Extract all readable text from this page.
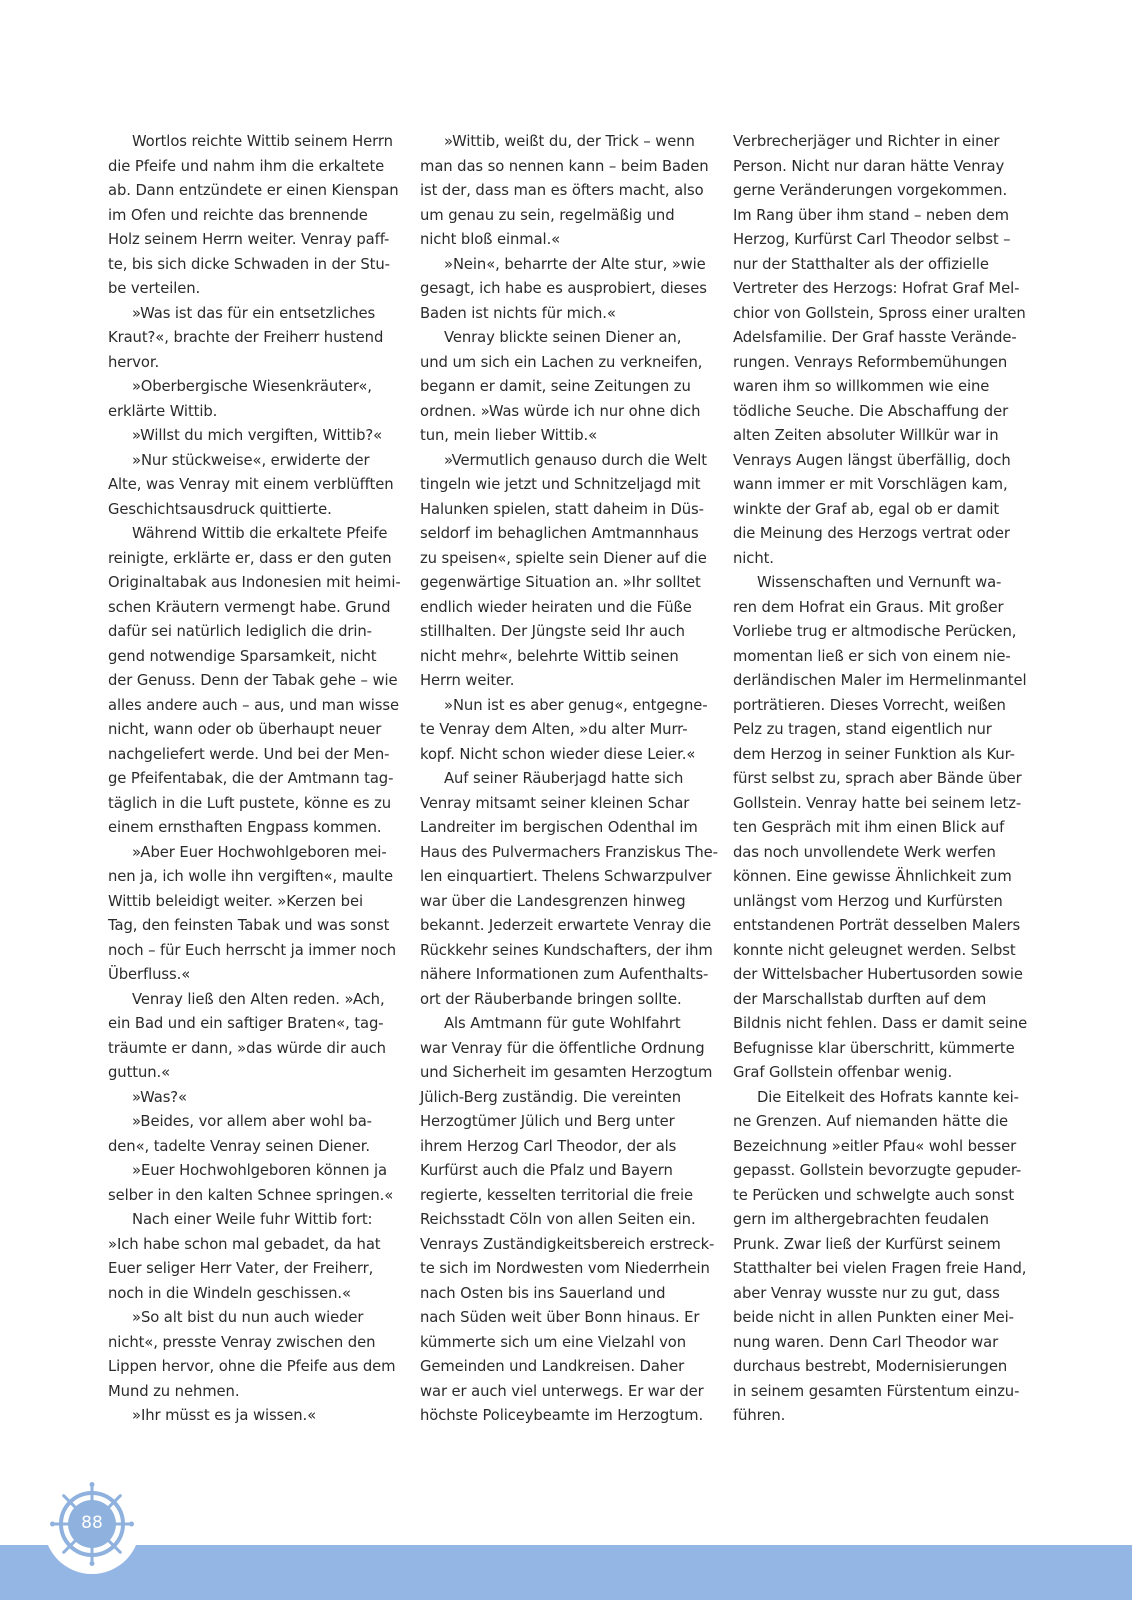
Wortlos reichte Wittib seinem Herrn
die Pfeife und nahm ihm die erkaltete
ab. Dann entzündete er einen Kienspan
im Ofen und reichte das brennende
Holz seinem Herrn weiter. Venray paff-
te, bis sich dicke Schwaden in der Stu-
be verteilen.
»Was ist das für ein entsetzliches
Kraut?«, brachte der Freiherr hustend
hervor.
»Oberbergische Wiesenkräuter«,
erklärte Wittib.
»Willst du mich vergiften, Wittib?«
»Nur stückweise«, erwiderte der
Alte, was Venray mit einem verblüfften
Geschichtsausdruck quittierte.
Während Wittib die erkaltete Pfeife
reinigte, erklärte er, dass er den guten
Originaltabak aus Indonesien mit heimi-
schen Kräutern vermengt habe. Grund
dafür sei natürlich lediglich die drin-
gend notwendige Sparsamkeit, nicht
der Genuss. Denn der Tabak gehe – wie
alles andere auch – aus, und man wisse
nicht, wann oder ob überhaupt neuer
nachgeliefert werde. Und bei der Men-
ge Pfeifentabak, die der Amtmann tag-
täglich in die Luft pustete, könne es zu
einem ernsthaften Engpass kommen.
»Aber Euer Hochwohlgeboren mei-
nen ja, ich wolle ihn vergiften«, maulte
Wittib beleidigt weiter. »Kerzen bei
Tag, den feinsten Tabak und was sonst
noch – für Euch herrscht ja immer noch
Überfluss.«
Venray ließ den Alten reden. »Ach,
ein Bad und ein saftiger Braten«, tag-
träumte er dann, »das würde dir auch
guttun.«
»Was?«
»Beides, vor allem aber wohl ba-
den«, tadelte Venray seinen Diener.
»Euer Hochwohlgeboren können ja
selber in den kalten Schnee springen.«
Nach einer Weile fuhr Wittib fort:
»Ich habe schon mal gebadet, da hat
Euer seliger Herr Vater, der Freiherr,
noch in die Windeln geschissen.«
»So alt bist du nun auch wieder
nicht«, presste Venray zwischen den
Lippen hervor, ohne die Pfeife aus dem
Mund zu nehmen.
»Ihr müsst es ja wissen.«
»Wittib, weißt du, der Trick – wenn
man das so nennen kann – beim Baden
ist der, dass man es öfters macht, also
um genau zu sein, regelmäßig und
nicht bloß einmal.«
»Nein«, beharrte der Alte stur, »wie
gesagt, ich habe es ausprobiert, dieses
Baden ist nichts für mich.«
Venray blickte seinen Diener an,
und um sich ein Lachen zu verkneifen,
begann er damit, seine Zeitungen zu
ordnen. »Was würde ich nur ohne dich
tun, mein lieber Wittib.«
»Vermutlich genauso durch die Welt
tingeln wie jetzt und Schnitzeljagd mit
Halunken spielen, statt daheim in Düs-
seldorf im behaglichen Amtmannhaus
zu speisen«, spielte sein Diener auf die
gegenwärtige Situation an. »Ihr solltet
endlich wieder heiraten und die Füße
stillhalten. Der Jüngste seid Ihr auch
nicht mehr«, belehrte Wittib seinen
Herrn weiter.
»Nun ist es aber genug«, entgegne-
te Venray dem Alten, »du alter Murr-
kopf. Nicht schon wieder diese Leier.«
Auf seiner Räuberjagd hatte sich
Venray mitsamt seiner kleinen Schar
Landreiter im bergischen Odenthal im
Haus des Pulvermachers Franziskus The-
len einquartiert. Thelens Schwarzpulver
war über die Landesgrenzen hinweg
bekannt. Jederzeit erwartete Venray die
Rückkehr seines Kundschafters, der ihm
nähere Informationen zum Aufenthalts-
ort der Räuberbande bringen sollte.
Als Amtmann für gute Wohlfahrt
war Venray für die öffentliche Ordnung
und Sicherheit im gesamten Herzogtum
Jülich-Berg zuständig. Die vereinten
Herzogtümer Jülich und Berg unter
ihrem Herzog Carl Theodor, der als
Kurfürst auch die Pfalz und Bayern
regierte, kesselten territorial die freie
Reichsstadt Cöln von allen Seiten ein.
Venrays Zuständigkeitsbereich erstreck-
te sich im Nordwesten vom Niederrhein
nach Osten bis ins Sauerland und
nach Süden weit über Bonn hinaus. Er
kümmerte sich um eine Vielzahl von
Gemeinden und Landkreisen. Daher
war er auch viel unterwegs. Er war der
höchste Policeybeamte im Herzogtum.
Verbrecherjäger und Richter in einer
Person. Nicht nur daran hätte Venray
gerne Veränderungen vorgekommen.
Im Rang über ihm stand – neben dem
Herzog, Kurfürst Carl Theodor selbst –
nur der Statthalter als der offizielle
Vertreter des Herzogs: Hofrat Graf Mel-
chior von Gollstein, Spross einer uralten
Adelsfamilie. Der Graf hasste Verände-
rungen. Venrays Reformbemühungen
waren ihm so willkommen wie eine
tödliche Seuche. Die Abschaffung der
alten Zeiten absoluter Willkür war in
Venrays Augen längst überfällig, doch
wann immer er mit Vorschlägen kam,
winkte der Graf ab, egal ob er damit
die Meinung des Herzogs vertrat oder
nicht.
Wissenschaften und Vernunft wa-
ren dem Hofrat ein Graus. Mit großer
Vorliebe trug er altmodische Perücken,
momentan ließ er sich von einem nie-
derländischen Maler im Hermelinmantel
porträtieren. Dieses Vorrecht, weißen
Pelz zu tragen, stand eigentlich nur
dem Herzog in seiner Funktion als Kur-
fürst selbst zu, sprach aber Bände über
Gollstein. Venray hatte bei seinem letz-
ten Gespräch mit ihm einen Blick auf
das noch unvollendete Werk werfen
können. Eine gewisse Ähnlichkeit zum
unlängst vom Herzog und Kurfürsten
entstandenen Porträt desselben Malers
konnte nicht geleugnet werden. Selbst
der Wittelsbacher Hubertusorden sowie
der Marschallstab durften auf dem
Bildnis nicht fehlen. Dass er damit seine
Befugnisse klar überschritt, kümmerte
Graf Gollstein offenbar wenig.
Die Eitelkeit des Hofrats kannte kei-
ne Grenzen. Auf niemanden hätte die
Bezeichnung »eitler Pfau« wohl besser
gepasst. Gollstein bevorzugte gepuder-
te Perücken und schwelgte auch sonst
gern im althergebrachten feudalen
Prunk. Zwar ließ der Kurfürst seinem
Statthalter bei vielen Fragen freie Hand,
aber Venray wusste nur zu gut, dass
beide nicht in allen Punkten einer Mei-
nung waren. Denn Carl Theodor war
durchaus bestrebt, Modernisierungen
in seinem gesamten Fürstentum einzu-
führen.
88
